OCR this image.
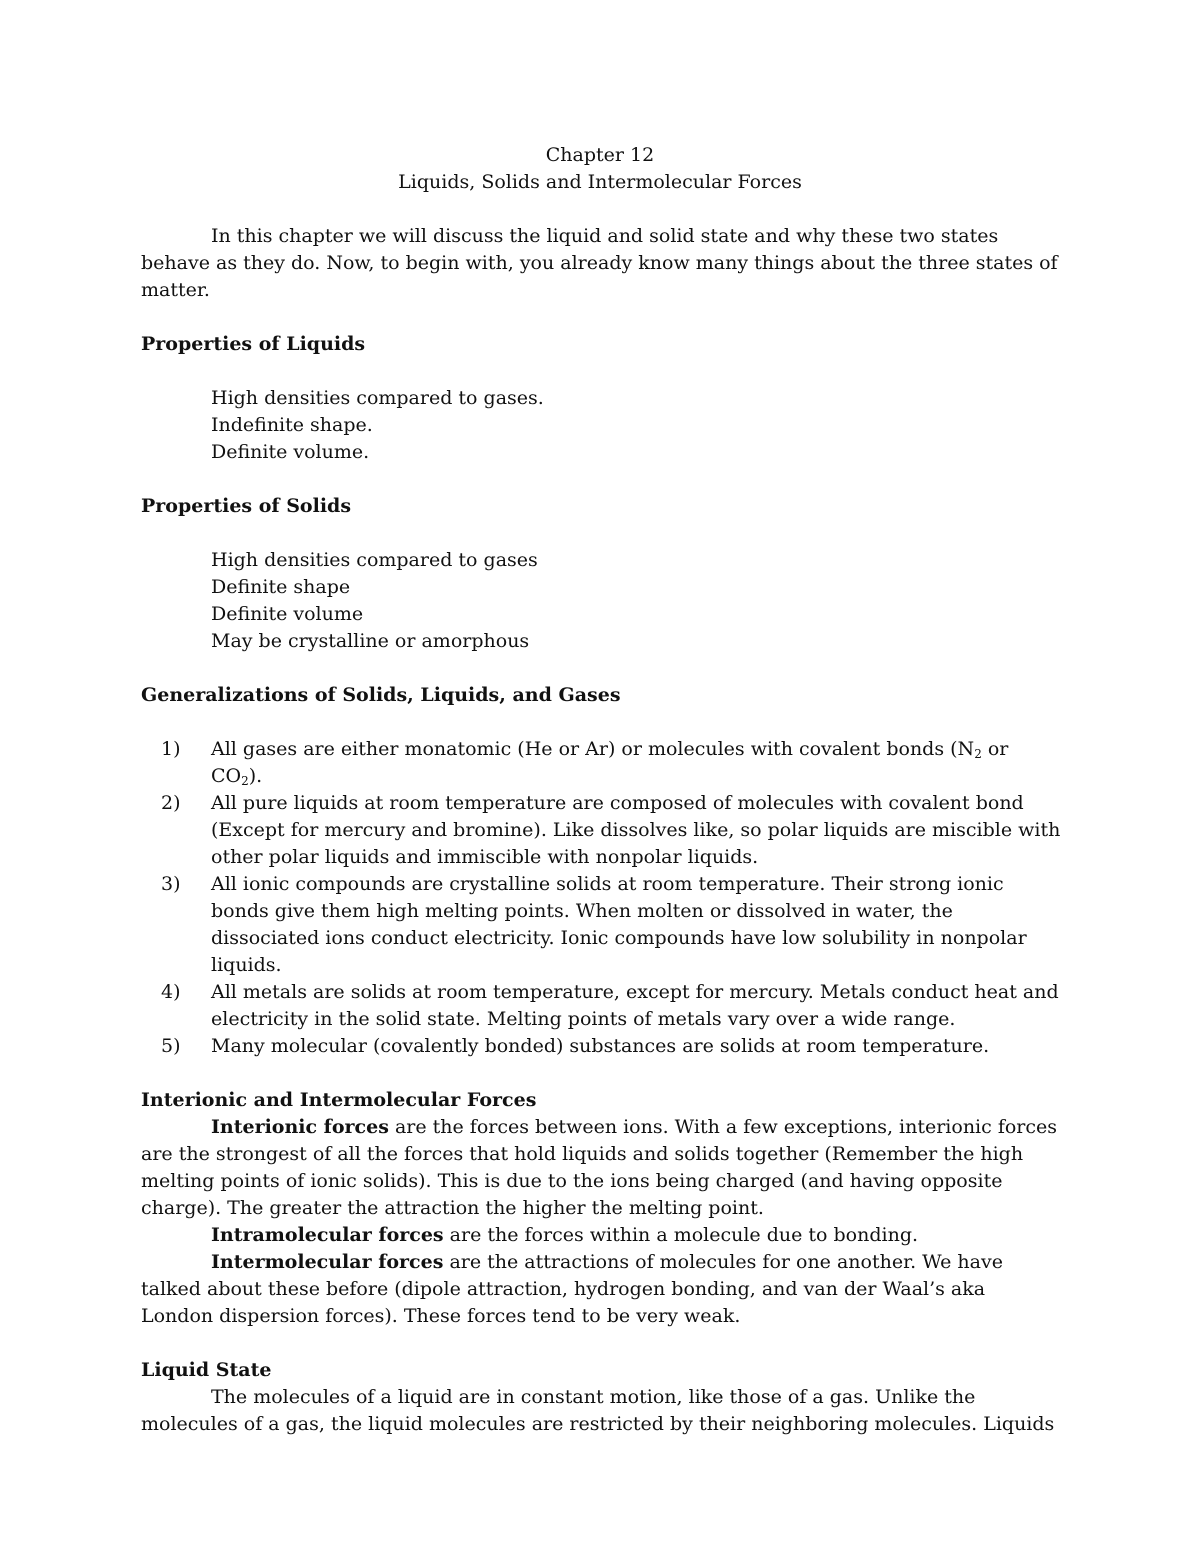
Chapter 12

Liquids, Solids and Intermolecular Forces

In this chapter we will discuss the liquid and solid state and why these two states behave as they do. Now, to begin with, you already know many things about the three states of matter.

Properties of Liquids

High densities compared to gases.

Indefinite shape.

Definite volume.

Properties of Solids

High densities compared to gases

Definite shape

Definite volume

May be crystalline or amorphous

Generalizations of Solids, Liquids, and Gases

1) All gases are either monatomic (He or Ar) or molecules with covalent bonds ($N_2$ or $CO_2$).
2) All pure liquids at room temperature are composed of molecules with covalent bond (Except for mercury and bromine). Like dissolves like, so polar liquids are miscible with other polar liquids and immiscible with nonpolar liquids.
3) All ionic compounds are crystalline solids at room temperature. Their strong ionic bonds give them high melting points. When molten or dissolved in water, the dissociated ions conduct electricity. Ionic compounds have low solubility in nonpolar liquids.
4) All metals are solids at room temperature, except for mercury. Metals conduct heat and electricity in the solid state. Melting points of metals vary over a wide range.
5) Many molecular (covalently bonded) substances are solids at room temperature.

Interionic and Intermolecular Forces

Interionic forces are the forces between ions. With a few exceptions, interionic forces are the strongest of all the forces that hold liquids and solids together (Remember the high melting points of ionic solids). This is due to the ions being charged (and having opposite charge). The greater the attraction the higher the melting point.

Intramolecular forces are the forces within a molecule due to bonding.

Intermolecular forces are the attractions of molecules for one another. We have talked about these before (dipole attraction, hydrogen bonding, and van der Waal’s aka London dispersion forces). These forces tend to be very weak.

Liquid State

The molecules of a liquid are in constant motion, like those of a gas. Unlike the molecules of a gas, the liquid molecules are restricted by their neighboring molecules. Liquids
